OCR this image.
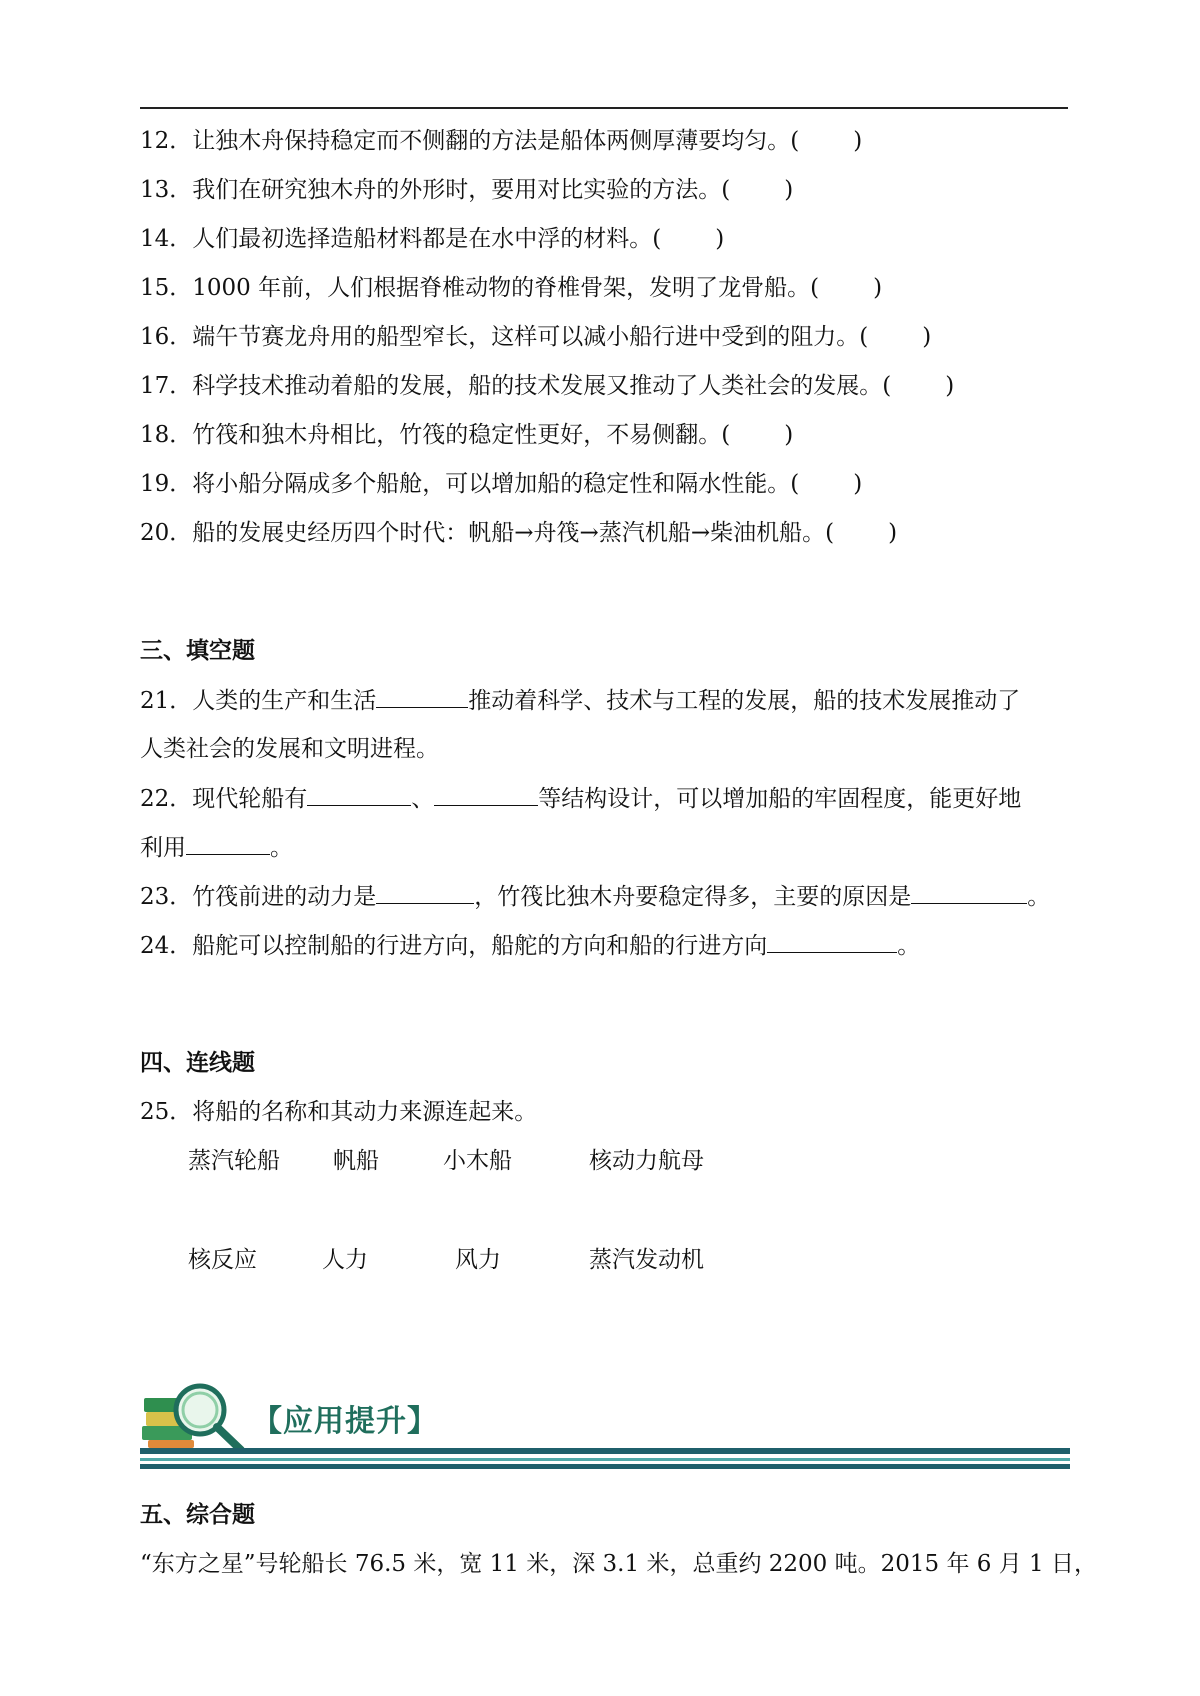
12．让独木舟保持稳定而不侧翻的方法是船体两侧厚薄要均匀。( )
13．我们在研究独木舟的外形时，要用对比实验的方法。( )
14．人们最初选择造船材料都是在水中浮的材料。( )
15．1000 年前，人们根据脊椎动物的脊椎骨架，发明了龙骨船。( )
16．端午节赛龙舟用的船型窄长，这样可以减小船行进中受到的阻力。( )
17．科学技术推动着船的发展，船的技术发展又推动了人类社会的发展。( )
18．竹筏和独木舟相比，竹筏的稳定性更好，不易侧翻。( )
19．将小船分隔成多个船舱，可以增加船的稳定性和隔水性能。( )
20．船的发展史经历四个时代：帆船→舟筏→蒸汽机船→柴油机船。( )
三、填空题
21．人类的生产和生活	推动着科学、技术与工程的发展，船的技术发展推动了
人类社会的发展和文明进程。
22．现代轮船有	、	等结构设计，可以增加船的牢固程度，能更好地
利用	。
23．竹筏前进的动力是	，竹筏比独木舟要稳定得多，主要的原因是	。
24．船舵可以控制船的行进方向，船舵的方向和船的行进方向	。
四、连线题
25．将船的名称和其动力来源连起来。
蒸汽轮船 帆船	小木船	核动力航母
核反应	人力	风力	蒸汽发动机
【应用提升】
五、综合题
“东方之星”号轮船长 76.5 米，宽 11 米，深 3.1 米，总重约 2200 吨。2015 年 6 月 1 日，
